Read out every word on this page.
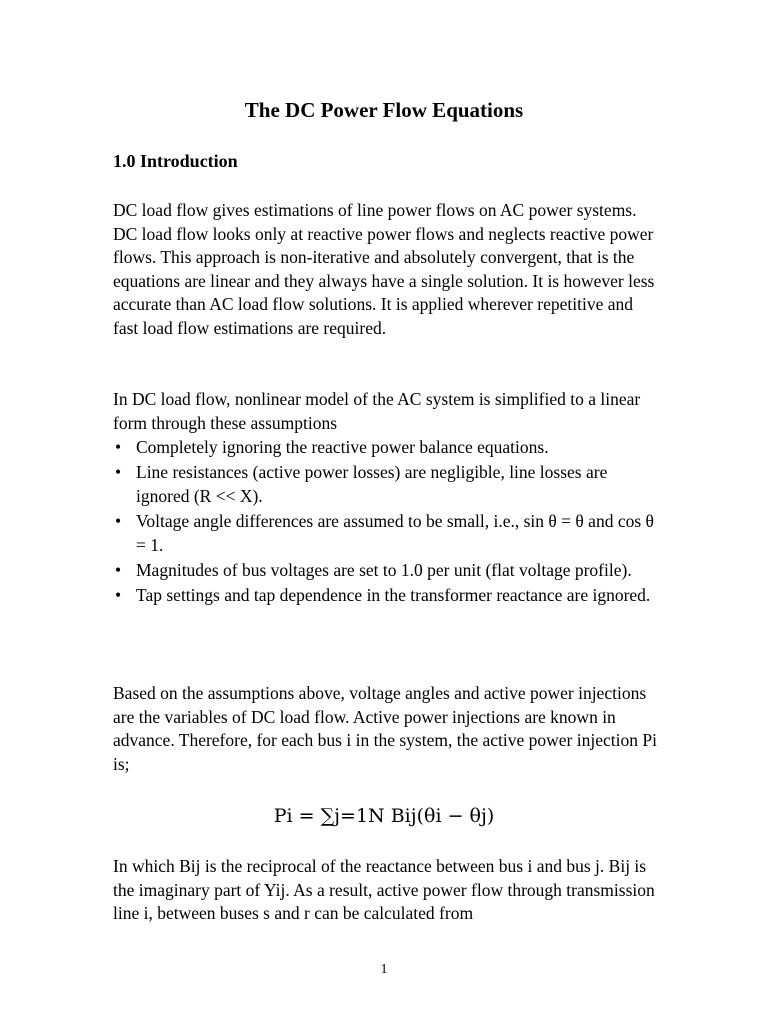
The DC Power Flow Equations
1.0 Introduction
DC load flow gives estimations of line power flows on AC power systems. DC load flow looks only at reactive power flows and neglects reactive power flows. This approach is non-iterative and absolutely convergent, that is the equations are linear and they always have a single solution. It is however less accurate than AC load flow solutions. It is applied wherever repetitive and fast load flow estimations are required.
In DC load flow, nonlinear model of the AC system is simplified to a linear form through these assumptions
• Completely ignoring the reactive power balance equations.
• Line resistances (active power losses) are negligible, line losses are ignored (R << X).
• Voltage angle differences are assumed to be small, i.e., sin θ = θ and cos θ = 1.
• Magnitudes of bus voltages are set to 1.0 per unit (flat voltage profile).
• Tap settings and tap dependence in the transformer reactance are ignored.
Based on the assumptions above, voltage angles and active power injections are the variables of DC load flow. Active power injections are known in advance. Therefore, for each bus i in the system, the active power injection Pi is;
Pi = ∑j=1N Bij(θi − θj)
In which Bij is the reciprocal of the reactance between bus i and bus j. Bij is the imaginary part of Yij. As a result, active power flow through transmission line i, between buses s and r can be calculated from
1
